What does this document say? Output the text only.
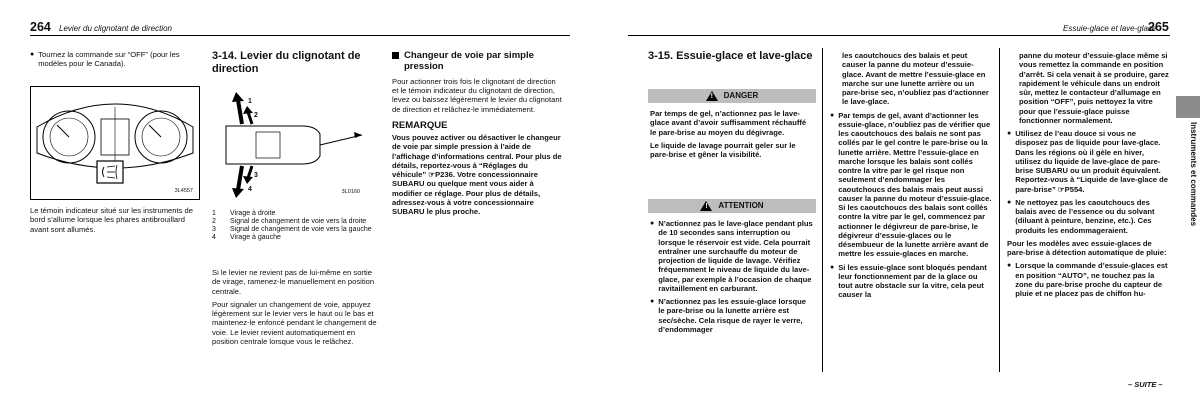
264 Levier du clignotant de direction
● Tournez la commande sur “OFF” (pour les modèles pour le Canada).
3L4557
Le témoin indicateur situé sur les instruments de bord s’allume lorsque les phares antibrouillard avant sont allumés.
3-14. Levier du clignotant de direction
1
2
3
4	3L0160
1	Virage à droite
2	Signal de changement de voie vers la droite
3	Signal de changement de voie vers la gauche
4	Virage à gauche

Si le levier ne revient pas de lui-même en sortie de virage, ramenez-le manuellement en position centrale.

Pour signaler un changement de voie, appuyez légèrement sur le levier vers le haut ou le bas et maintenez-le enfoncé pendant le changement de voie. Le levier revient automatiquement en position centrale lorsque vous le relâchez.

Changeur de voie par simple pression

Pour actionner trois fois le clignotant de direction et le témoin indicateur du clignotant de direction, levez ou baissez légèrement le levier du clignotant de direction et relâchez-le immédiatement.

REMARQUE

Vous pouvez activer ou désactiver le changeur de voie par simple pression à l’aide de l’affichage d’informations central. Pour plus de détails, reportez-vous à “Réglages du véhicule” ☞P236. Votre concessionnaire SUBARU ou quelque ment vous aider à modifier ce réglage. Pour plus de détails, adressez-vous à votre concessionnaire SUBARU le plus proche.

Essuie-glace et lave-glace
265
Instruments et commandes
3-15. Essuie-glace et lave-glace
! DANGER

Par temps de gel, n’actionnez pas le lave-glace avant d’avoir suffisamment réchauffé le pare-brise au moyen du dégivrage.

Le liquide de lavage pourrait geler sur le pare-brise et gêner la visibilité.

! ATTENTION
● N’actionnez pas le lave-glace pendant plus de 10 secondes sans interruption ou lorsque le réservoir est vide. Cela pourrait entraîner une surchauffe du moteur de projection de liquide de lavage. Vérifiez fréquemment le niveau de liquide du lave-glace, par exemple à l’occasion de chaque ravitaillement en carburant.
● N’actionnez pas les essuie-glace lorsque le pare-brise ou la lunette arrière est sec/sèche. Cela risque de rayer le verre, d’endommager

les caoutchoucs des balais et peut causer la panne du moteur d’essuie-glace. Avant de mettre l’essuie-glace en marche sur une lunette arrière ou un pare-brise sec, n’oubliez pas d’actionner le lave-glace.

● Par temps de gel, avant d’actionner les essuie-glace, n’oubliez pas de vérifier que les caoutchoucs des balais ne sont pas collés par le gel contre le pare-brise ou la lunette arrière. Mettre l’essuie-glace en marche lorsque les balais sont collés contre la vitre par le gel risque non seulement d’endommager les caoutchoucs des balais mais peut aussi causer la panne du moteur d’essuie-glace. Si les caoutchoucs des balais sont collés contre la vitre par le gel, commencez par actionner le dégivreur de pare-brise, le dégivreur d’essuie-glaces ou le désembueur de la lunette arrière avant de mettre les essuie-glaces en marche.
● Si les essuie-glace sont bloqués pendant leur fonctionnement par de la glace ou tout autre obstacle sur la vitre, cela peut causer la

panne du moteur d’essuie-glace même si vous remettez la commande en position d’arrêt. Si cela venait à se produire, garez rapidement le véhicule dans un endroit sûr, mettez le contacteur d’allumage en position “OFF”, puis nettoyez la vitre pour que l’essuie-glace puisse fonctionner normalement.

● Utilisez de l’eau douce si vous ne disposez pas de liquide pour lave-glace. Dans les régions où il gèle en hiver, utilisez du liquide de lave-glace de pare-brise SUBARU ou un produit équivalent. Reportez-vous à “Liquide de lave-glace de pare-brise” ☞P554.
● Ne nettoyez pas les caoutchoucs des balais avec de l’essence ou du solvant (diluant à peinture, benzine, etc.). Ces produits les endommageraient.

Pour les modèles avec essuie-glaces de pare-brise à détection automatique de pluie:

● Lorsque la commande d’essuie-glaces est en position “AUTO”, ne touchez pas la zone du pare-brise proche du capteur de pluie et ne placez pas de chiffon hu-
– SUITE –
